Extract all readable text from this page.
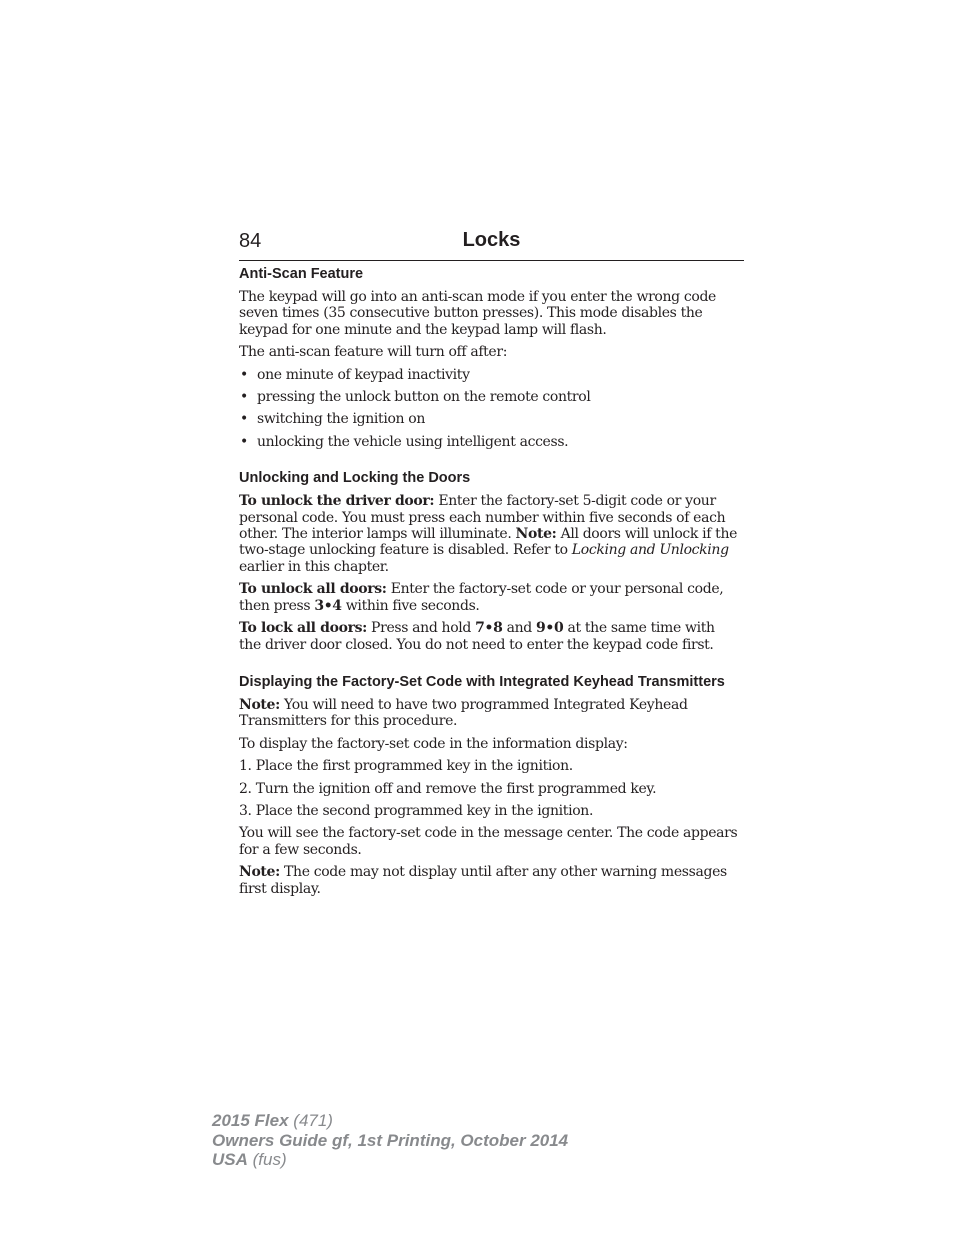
84	Locks
Anti-Scan Feature

The keypad will go into an anti-scan mode if you enter the wrong code seven times (35 consecutive button presses). This mode disables the keypad for one minute and the keypad lamp will flash.

The anti-scan feature will turn off after:

• one minute of keypad inactivity
• pressing the unlock button on the remote control
• switching the ignition on
• unlocking the vehicle using intelligent access.
Unlocking and Locking the Doors

To unlock the driver door: Enter the factory-set 5-digit code or your personal code. You must press each number within five seconds of each other. The interior lamps will illuminate. Note: All doors will unlock if the two-stage unlocking feature is disabled. Refer to Locking and Unlocking earlier in this chapter.

To unlock all doors: Enter the factory-set code or your personal code, then press 3•4 within five seconds.

To lock all doors: Press and hold 7•8 and 9•0 at the same time with the driver door closed. You do not need to enter the keypad code first.

Displaying the Factory-Set Code with Integrated Keyhead Transmitters

Note: You will need to have two programmed Integrated Keyhead Transmitters for this procedure.

To display the factory-set code in the information display:

1. Place the first programmed key in the ignition.

2. Turn the ignition off and remove the first programmed key.

3. Place the second programmed key in the ignition.

You will see the factory-set code in the message center. The code appears for a few seconds.

Note: The code may not display until after any other warning messages first display.

2015 Flex (471)
Owners Guide gf, 1st Printing, October 2014
USA (fus)
